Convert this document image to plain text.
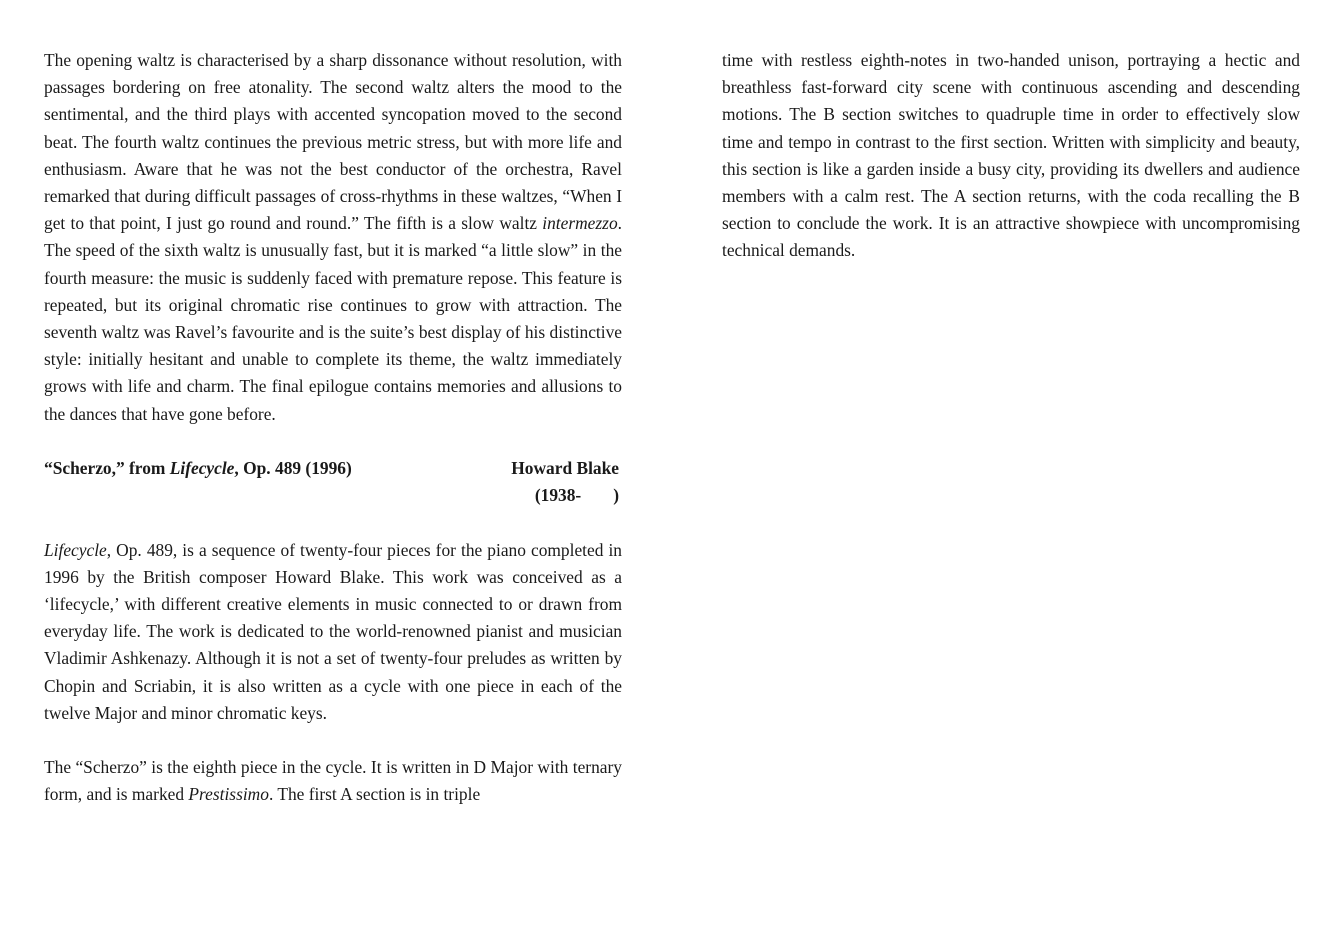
The opening waltz is characterised by a sharp dissonance without resolution, with passages bordering on free atonality. The second waltz alters the mood to the sentimental, and the third plays with accented syncopation moved to the second beat. The fourth waltz continues the previous metric stress, but with more life and enthusiasm. Aware that he was not the best conductor of the orchestra, Ravel remarked that during difficult passages of cross-rhythms in these waltzes, “When I get to that point, I just go round and round.” The fifth is a slow waltz intermezzo. The speed of the sixth waltz is unusually fast, but it is marked “a little slow” in the fourth measure: the music is suddenly faced with premature repose. This feature is repeated, but its original chromatic rise continues to grow with attraction. The seventh waltz was Ravel’s favourite and is the suite’s best display of his distinctive style: initially hesitant and unable to complete its theme, the waltz immediately grows with life and charm. The final epilogue contains memories and allusions to the dances that have gone before.

“Scherzo,” from Lifecycle, Op. 489 (1996)	Howard Blake
(1938- )

Lifecycle, Op. 489, is a sequence of twenty-four pieces for the piano completed in 1996 by the British composer Howard Blake. This work was conceived as a ‘lifecycle,’ with different creative elements in music connected to or drawn from everyday life. The work is dedicated to the world-renowned pianist and musician Vladimir Ashkenazy. Although it is not a set of twenty-four preludes as written by Chopin and Scriabin, it is also written as a cycle with one piece in each of the twelve Major and minor chromatic keys.

The “Scherzo” is the eighth piece in the cycle. It is written in D Major with ternary form, and is marked Prestissimo. The first A section is in triple

time with restless eighth-notes in two-handed unison, portraying a hectic and breathless fast-forward city scene with continuous ascending and descending motions. The B section switches to quadruple time in order to effectively slow time and tempo in contrast to the first section. Written with simplicity and beauty, this section is like a garden inside a busy city, providing its dwellers and audience members with a calm rest. The A section returns, with the coda recalling the B section to conclude the work. It is an attractive showpiece with uncompromising technical demands.
